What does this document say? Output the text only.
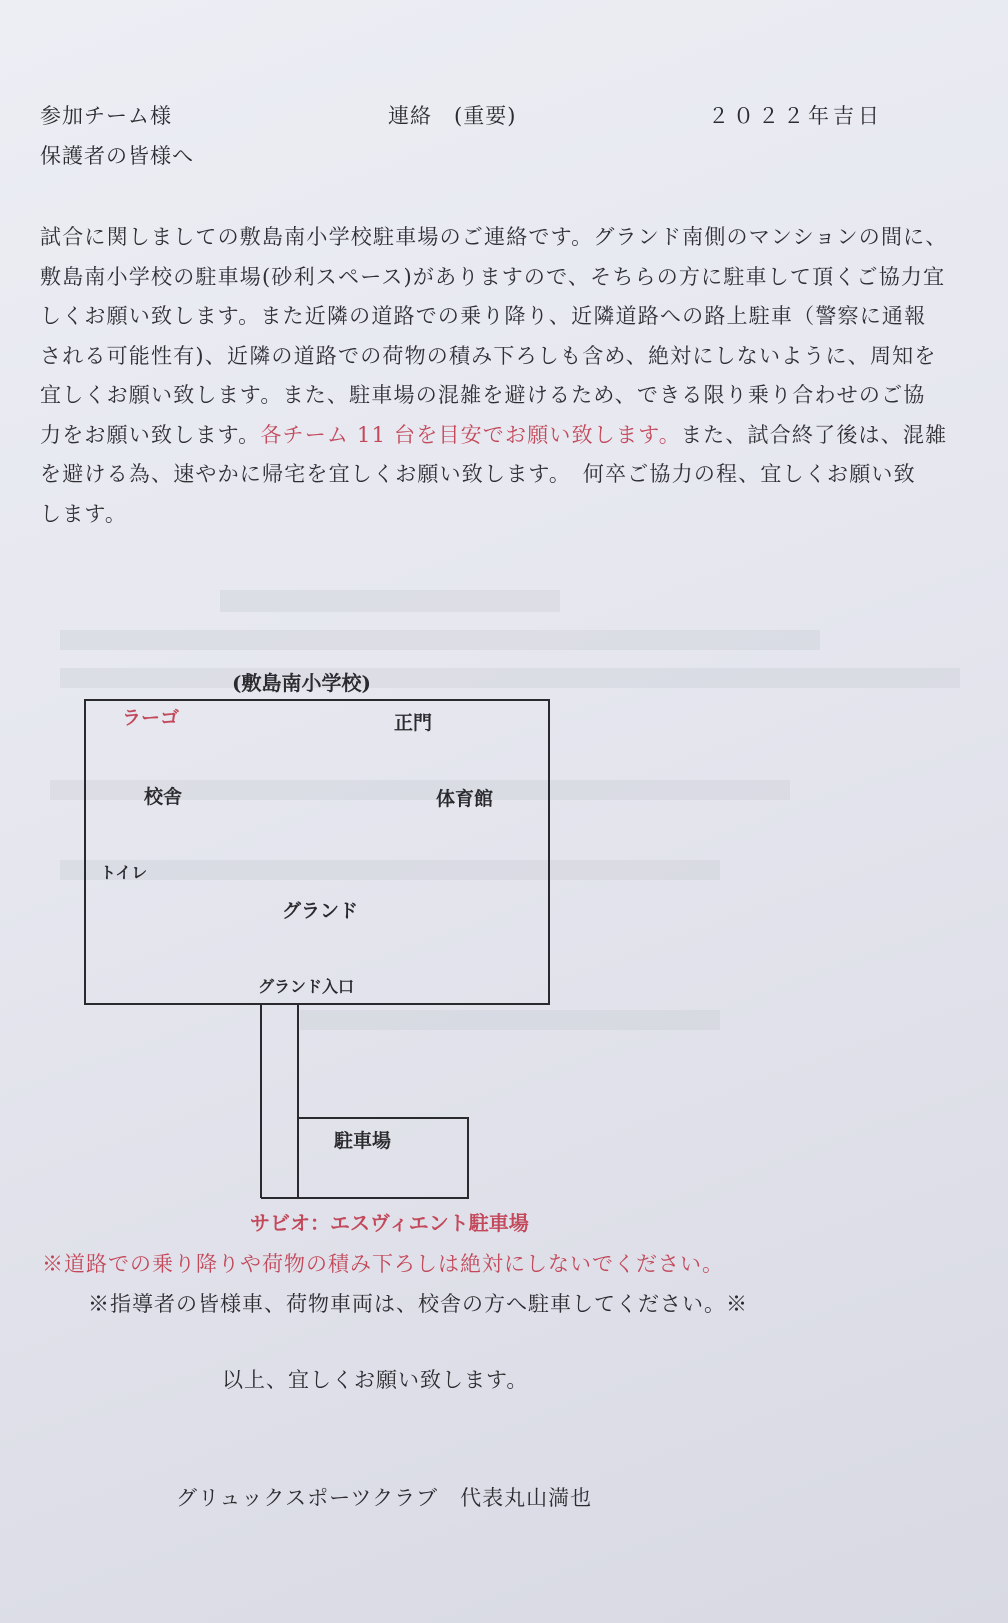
参加チーム様
保護者の皆様へ
連絡　(重要)	２０２２年吉日
試合に関しましての敷島南小学校駐車場のご連絡です。グランド南側のマンションの間に、
敷島南小学校の駐車場(砂利スペース)がありますので、そちらの方に駐車して頂くご協力宜
しくお願い致します。また近隣の道路での乗り降り、近隣道路への路上駐車（警察に通報
される可能性有)、近隣の道路での荷物の積み下ろしも含め、絶対にしないように、周知を
宜しくお願い致します。また、駐車場の混雑を避けるため、できる限り乗り合わせのご協
力をお願い致します。各チーム 11 台を目安でお願い致します。また、試合終了後は、混雑
を避ける為、速やかに帰宅を宜しくお願い致します。　何卒ご協力の程、宜しくお願い致
します。
(敷島南小学校)
ラーゴ	正門
校舎	体育館
トイレ
グランド
グランド入口
駐車場
サビオ：エスヴィエント駐車場
※道路での乗り降りや荷物の積み下ろしは絶対にしないでください。
※指導者の皆様車、荷物車両は、校舎の方へ駐車してください。※
以上、宜しくお願い致します。
グリュックスポーツクラブ　代表丸山満也
